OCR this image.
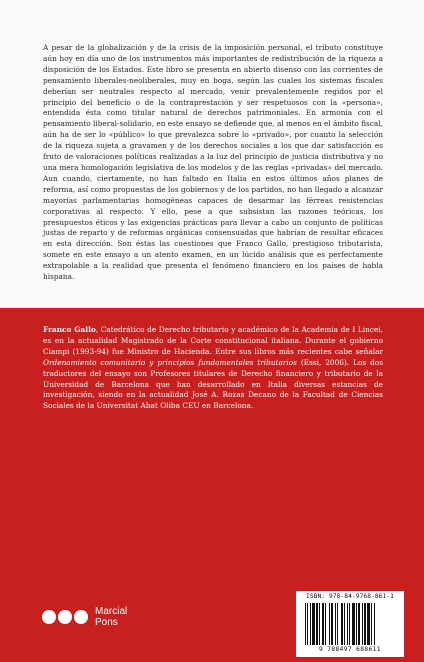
A pesar de la globalización y de la crisis de la imposición personal, el tributo constituye aún hoy en día uno de los instrumentos más importantes de redistribución de la riqueza a disposición de los Estados. Este libro se presenta en abierto disenso con las corrientes de pensamiento liberales-neoliberales, muy en boga, según las cuales los sistemas fiscales deberían ser neutrales respecto al mercado, venir prevalentemente regidos por el principio del beneficio o de la contraprestación y ser respetuosos con la «persona», entendida ésta como titular natural de derechos patrimoniales. En armonía con el pensamiento liberal-solidario, en este ensayo se defiende que, al menos en el ámbito fiscal, aún ha de ser lo «público» lo que prevalezca sobre lo «privado», por cuanto la selección de la riqueza sujeta a gravamen y de los derechos sociales a los que dar satisfacción es fruto de valoraciones políticas realizadas a la luz del principio de justicia distributiva y no una mera homologación legislativa de los modelos y de las reglas «privadas» del mercado. Aun cuando, ciertamente, no han faltado en Italia en estos últimos años planes de reforma, así como propuestas de los gobiernos y de los partidos, no han llegado a alcanzar mayorías parlamentarias homogéneas capaces de desarmar las férreas resistencias corporativas al respecto. Y ello, pese a que subsistan las razones teóricas, los presupuestos éticos y las exigencias prácticas para llevar a cabo un conjunto de políticas justas de reparto y de reformas orgánicas consensuadas que habrían de resultar eficaces en esta dirección. Son éstas las cuestiones que Franco Gallo, prestigioso tributarista, somete en este ensayo a un atento examen, en un lúcido análisis que es perfectamente extrapolable a la realidad que presenta el fenómeno financiero en los países de habla hispana.

Franco Gallo, Catedrático de Derecho tributario y académico de la Academia de I Lincei, es en la actualidad Magistrado de la Corte constitucional italiana. Durante el gobierno Ciampi (1993-94) fue Ministro de Hacienda. Entre sus libros más recientes cabe señalar Ordenamiento comunitario y principios fundamentales tributarios (Essi, 2006). Los dos traductores del ensayo son Profesores titulares de Derecho financiero y tributario de la Universidad de Barcelona que han desarrollado en Italia diversas estancias de investigación, siendo en la actualidad José A. Rozas Decano de la Facultad de Ciencias Sociales de la Universitat Abat Oliba CEU en Barcelona.

Marcial
Pons
ISBN: 978-84-9768-861-1
9 788497 688611
